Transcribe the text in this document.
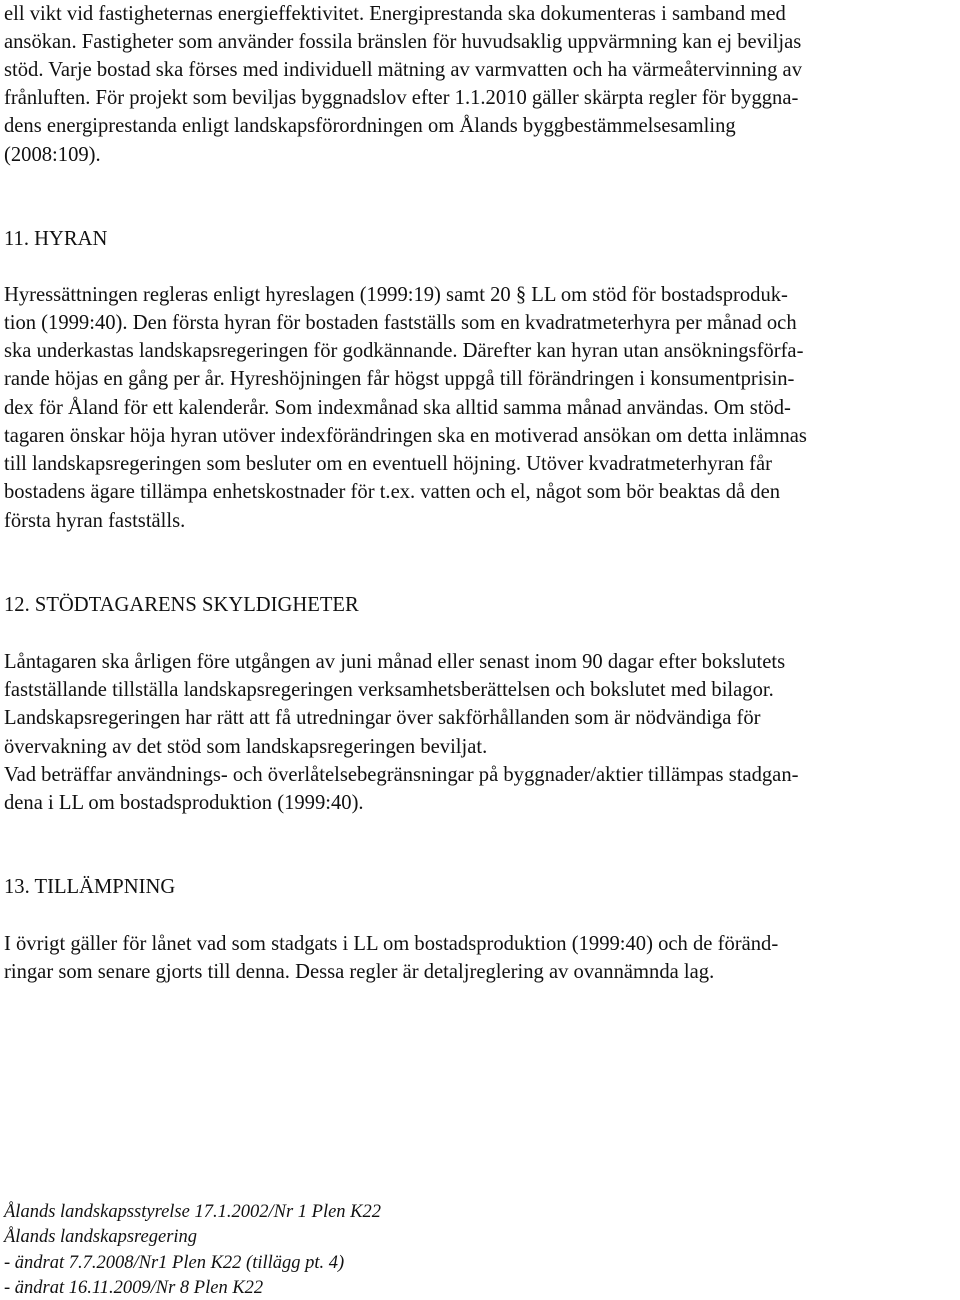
ell vikt vid fastigheternas energieffektivitet. Energiprestanda ska dokumenteras i samband med
ansökan. Fastigheter som använder fossila bränslen för huvudsaklig uppvärmning kan ej beviljas
stöd. Varje bostad ska förses med individuell mätning av varmvatten och ha värmeåtervinning av
frånluften. För projekt som beviljas byggnadslov efter 1.1.2010 gäller skärpta regler för byggna-
dens energiprestanda enligt landskapsförordningen om Ålands byggbestämmelsesamling
(2008:109).
11. HYRAN
Hyressättningen regleras enligt hyreslagen (1999:19) samt 20 § LL om stöd för bostadsproduk-
tion (1999:40). Den första hyran för bostaden fastställs som en kvadratmeterhyra per månad och
ska underkastas landskapsregeringen för godkännande. Därefter kan hyran utan ansökningsförfa-
rande höjas en gång per år. Hyreshöjningen får högst uppgå till förändringen i konsumentprisin-
dex för Åland för ett kalenderår. Som indexmånad ska alltid samma månad användas. Om stöd-
tagaren önskar höja hyran utöver indexförändringen ska en motiverad ansökan om detta inlämnas
till landskapsregeringen som besluter om en eventuell höjning. Utöver kvadratmeterhyran får
bostadens ägare tillämpa enhetskostnader för t.ex. vatten och el, något som bör beaktas då den
första hyran fastställs.
12. STÖDTAGARENS SKYLDIGHETER
Låntagaren ska årligen före utgången av juni månad eller senast inom 90 dagar efter bokslutets
fastställande tillställa landskapsregeringen verksamhetsberättelsen och bokslutet med bilagor.
Landskapsregeringen har rätt att få utredningar över sakförhållanden som är nödvändiga för
övervakning av det stöd som landskapsregeringen beviljat.
Vad beträffar användnings- och överlåtelsebegränsningar på byggnader/aktier tillämpas stadgan-
dena i LL om bostadsproduktion (1999:40).
13. TILLÄMPNING
I övrigt gäller för lånet vad som stadgats i LL om bostadsproduktion (1999:40) och de föränd-
ringar som senare gjorts till denna. Dessa regler är detaljreglering av ovannämnda lag.
Ålands landskapsstyrelse 17.1.2002/Nr 1 Plen K22
Ålands landskapsregering
- ändrat 7.7.2008/Nr1 Plen K22 (tillägg pt. 4)
- ändrat 16.11.2009/Nr 8 Plen K22
